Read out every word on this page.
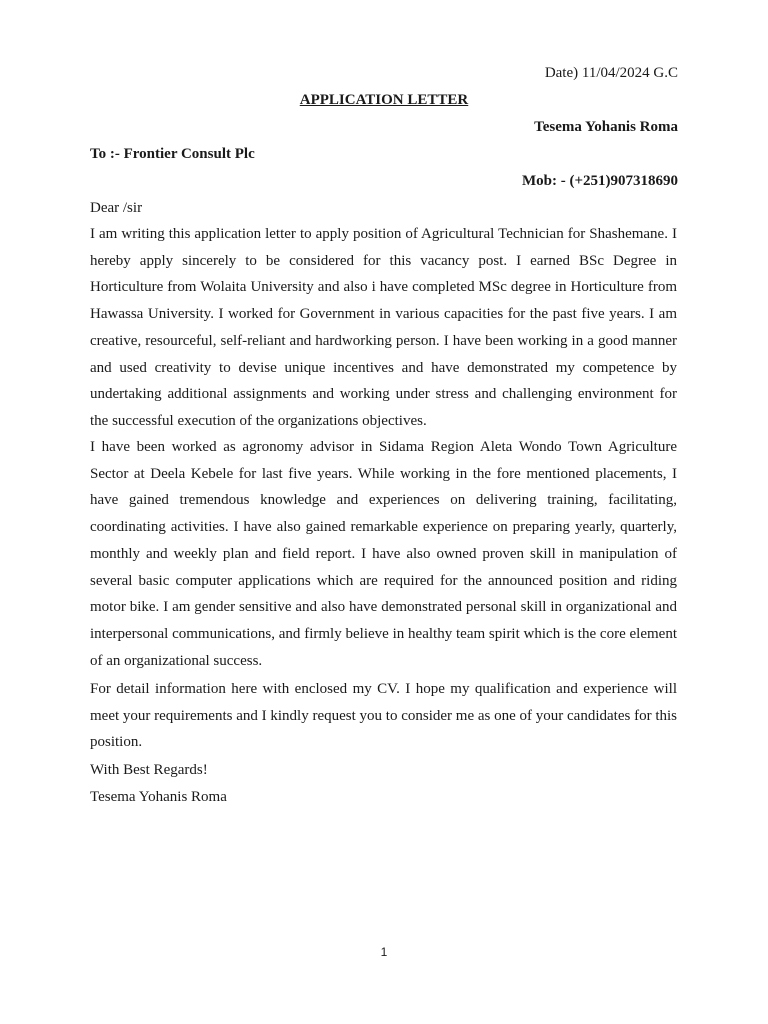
Date) 11/04/2024 G.C
APPLICATION LETTER
Tesema Yohanis Roma
To :- Frontier Consult Plc
Mob: - (+251)907318690
Dear /sir
I am writing this application letter to apply position of Agricultural Technician for Shashemane. I hereby apply sincerely to be considered for this vacancy post. I earned BSc Degree in Horticulture from Wolaita University and also i have completed MSc degree in Horticulture from Hawassa University. I worked for Government in various capacities for the past five years. I am creative, resourceful, self-reliant and hardworking person. I have been working in a good manner and used creativity to devise unique incentives and have demonstrated my competence by undertaking additional assignments and working under stress and challenging environment for the successful execution of the organizations objectives.
I have been worked as agronomy advisor in Sidama Region Aleta Wondo Town Agriculture Sector at Deela Kebele for last five years. While working in the fore mentioned placements, I have gained tremendous knowledge and experiences on delivering training, facilitating, coordinating activities. I have also gained remarkable experience on preparing yearly, quarterly, monthly and weekly plan and field report. I have also owned proven skill in manipulation of several basic computer applications which are required for the announced position and riding motor bike. I am gender sensitive and also have demonstrated personal skill in organizational and interpersonal communications, and firmly believe in healthy team spirit which is the core element of an organizational success.
For detail information here with enclosed my CV. I hope my qualification and experience will meet your requirements and I kindly request you to consider me as one of your candidates for this position.
With Best Regards!
Tesema Yohanis Roma
1
